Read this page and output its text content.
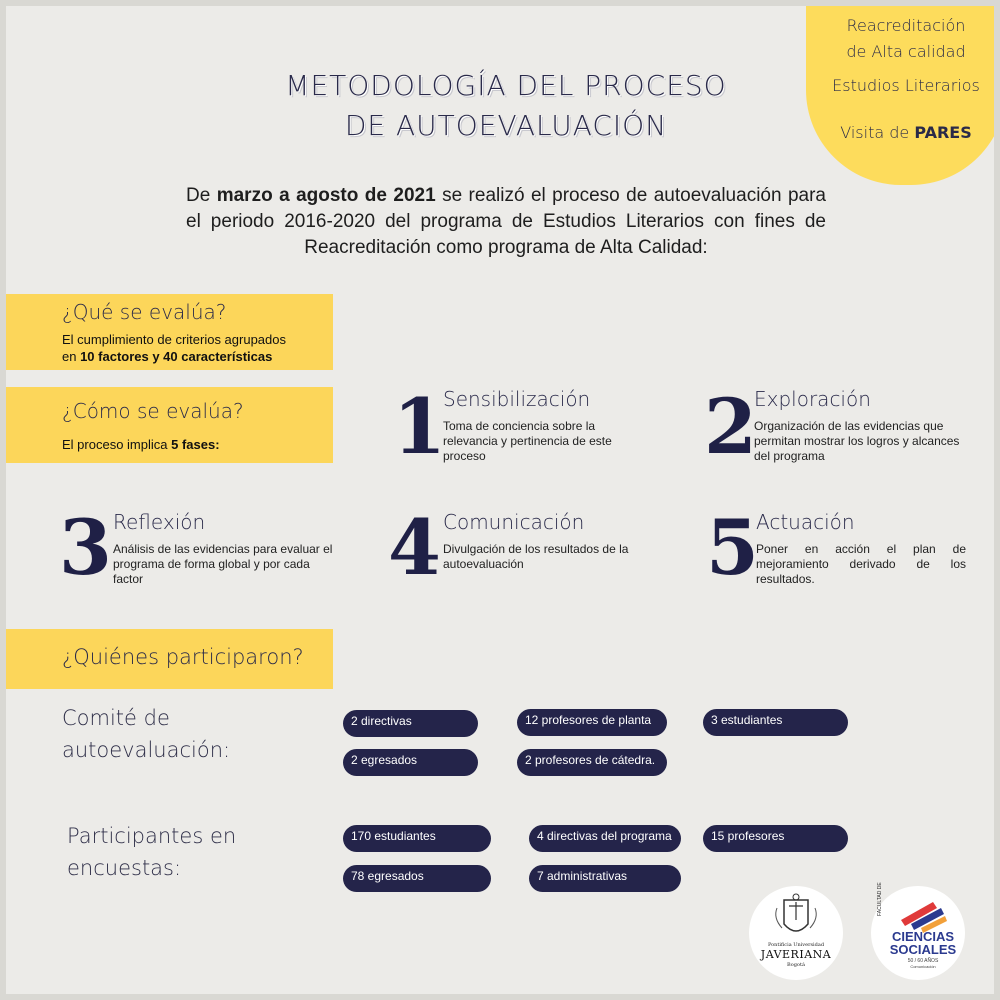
Reacreditación
de Alta calidad
Estudios Literarios
Visita de PARES
METODOLOGÍA DEL PROCESO
DE AUTOEVALUACIÓN
De marzo a agosto de 2021 se realizó el proceso de autoevaluación para el periodo 2016-2020 del programa de Estudios Literarios con fines de Reacreditación como programa de Alta Calidad:
¿Qué se evalúa?
El cumplimiento de criterios agrupados
en 10 factores y 40 características
¿Cómo se evalúa?
El proceso implica 5 fases: 1
Sensibilización
Toma de conciencia sobre la relevancia y pertinencia de este proceso	2
Exploración
Organización de las evidencias que permitan mostrar los logros y alcances del programa
3 Reflexión
Análisis de las evidencias para evaluar el programa de forma global y por cada factor	4 Comunicación
Divulgación de los resultados de la autoevaluación	5
Actuación
Poner en acción el plan de mejoramiento derivado de los resultados.
¿Quiénes participaron?
Comité de
autoevaluación:
2 directivas	12 profesores de planta	3 estudiantes
2 egresados	2 profesores de cátedra.
Participantes en
encuestas:
170 estudiantes	4 directivas del programa	15 profesores
78 egresados	7 administrativas
Pontificia Universidad
JAVERIANA
Bogotá
FACULTAD DE
CIENCIAS
SOCIALES
50 / 60 AÑOS
Comunicación
